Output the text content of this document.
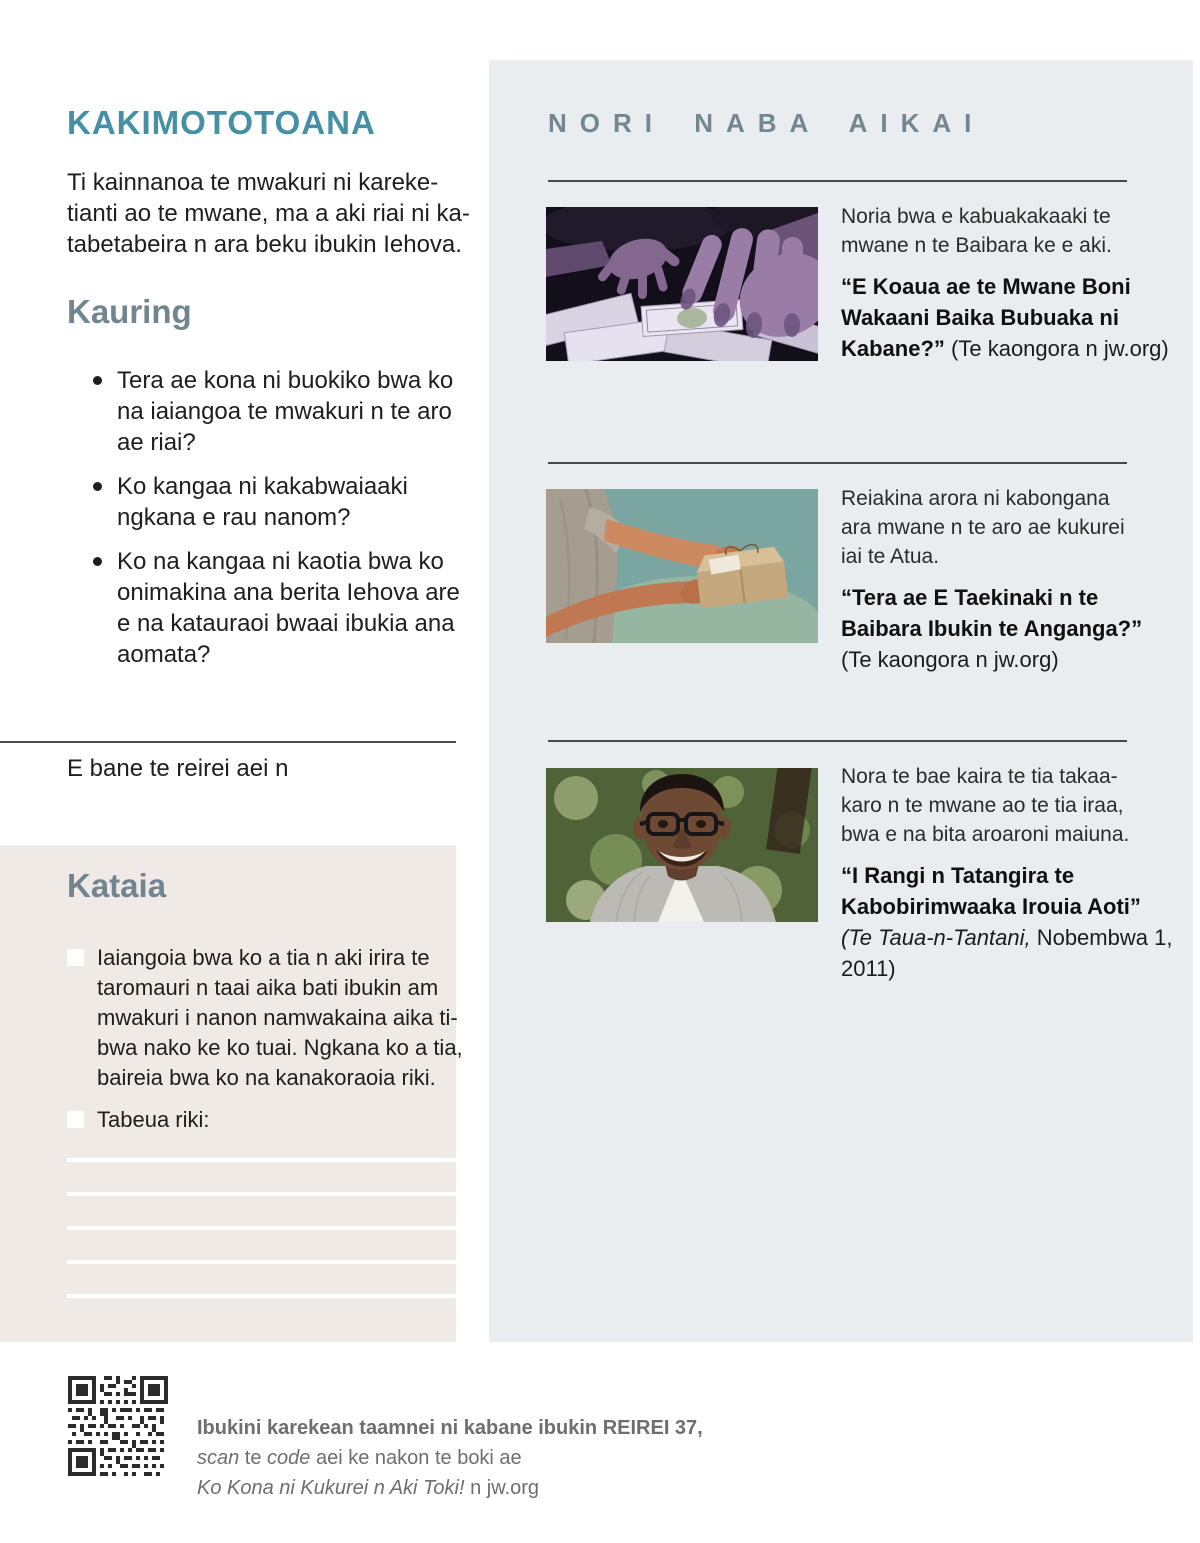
KAKIMOTOTOANA
Ti kainnanoa te mwakuri ni kareke-
tianti ao te mwane, ma a aki riai ni ka-
tabetabeira n ara beku ibukin Iehova.
Kauring
Tera ae kona ni buokiko bwa ko
na iaiangoa te mwakuri n te aro
ae riai?
Ko kangaa ni kakabwaiaaki
ngkana e rau nanom?
Ko na kangaa ni kaotia bwa ko
onimakina ana berita Iehova are
e na katauraoi bwaai ibukia ana
aomata?
E bane te reirei aei n
Kataia
Iaiangoia bwa ko a tia n aki irira te
taromauri n taai aika bati ibukin am
mwakuri i nanon namwakaina aika ti-
bwa nako ke ko tuai. Ngkana ko a tia,
baireia bwa ko na kanakoraoia riki.
Tabeua riki:
NORI NABA AIKAI
Noria bwa e kabuakakaaki te
mwane n te Baibara ke e aki.
“E Koaua ae te Mwane Boni
Wakaani Baika Bubuaka ni
Kabane?” (Te kaongora n jw.org)
Reiakina arora ni kabongana
ara mwane n te aro ae kukurei
iai te Atua.
“Tera ae E Taekinaki n te
Baibara Ibukin te Anganga?”
(Te kaongora n jw.org)
Nora te bae kaira te tia takaa-
karo n te mwane ao te tia iraa,
bwa e na bita aroaroni maiuna.
“I Rangi n Tatangira te
Kabobirimwaaka Irouia Aoti”
(Te Taua-n-Tantani, Nobembwa 1,
2011)
Ibukini karekean taamnei ni kabane ibukin REIREI 37,
scan te code aei ke nakon te boki ae
Ko Kona ni Kukurei n Aki Toki! n jw.org
